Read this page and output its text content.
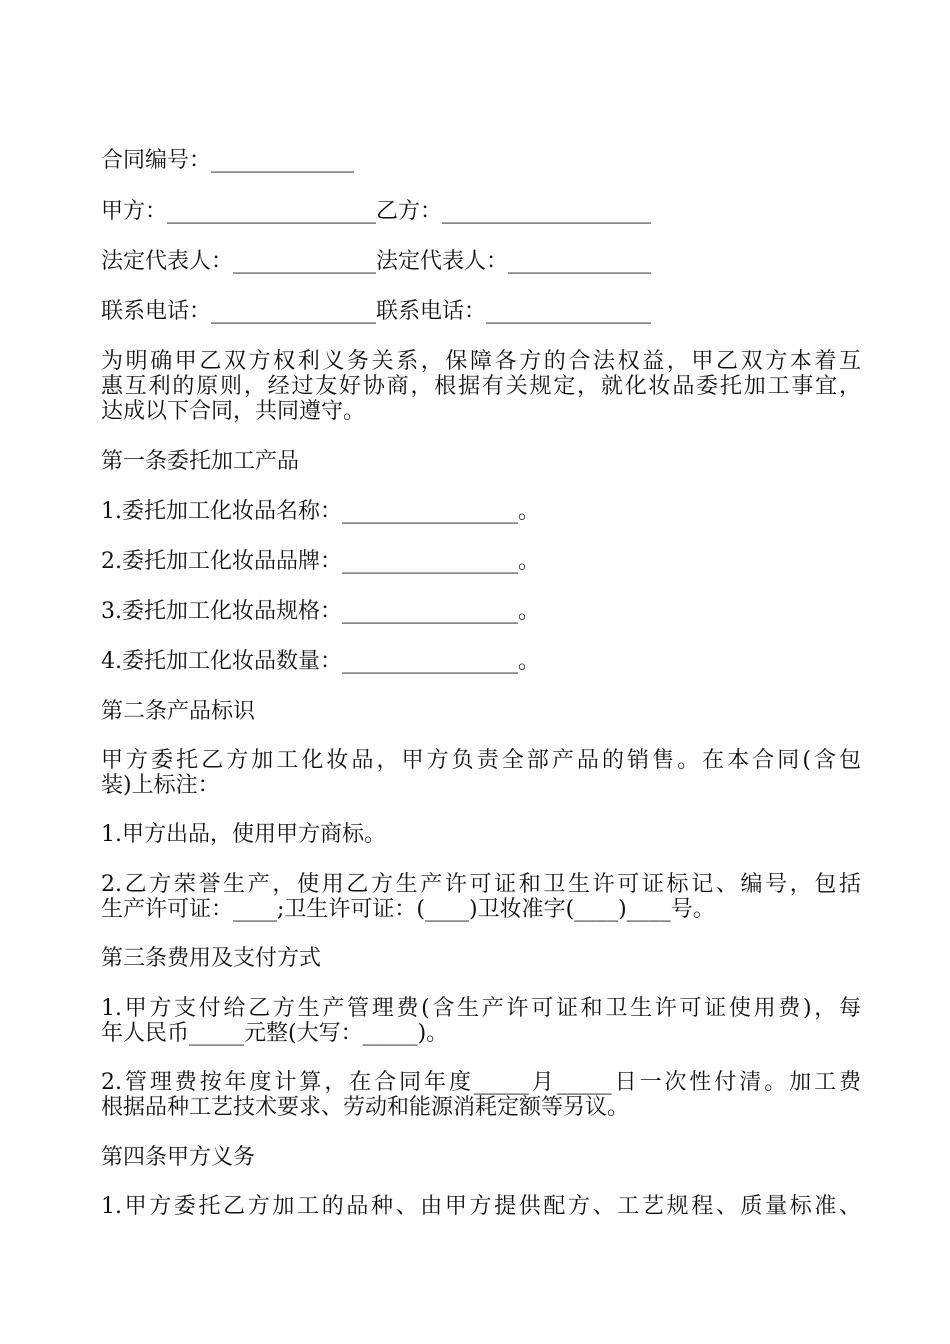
合同编号：_____________
甲方：___________________乙方：___________________
法定代表人：_____________法定代表人：_____________
联系电话：_______________联系电话：_______________
为明确甲乙双方权利义务关系，保障各方的合法权益，甲乙双方本着互
惠互利的原则，经过友好协商，根据有关规定，就化妆品委托加工事宜，
达成以下合同，共同遵守。
第一条委托加工产品
1.委托加工化妆品名称：________________。
2.委托加工化妆品品牌：________________。
3.委托加工化妆品规格：________________。
4.委托加工化妆品数量：________________。
第二条产品标识
甲方委托乙方加工化妆品，甲方负责全部产品的销售。在本合同(含包
装)上标注：
1.甲方出品，使用甲方商标。
2.乙方荣誉生产，使用乙方生产许可证和卫生许可证标记、编号，包括
生产许可证：____;卫生许可证：(____)卫妆准字(____)____号。
第三条费用及支付方式
1.甲方支付给乙方生产管理费(含生产许可证和卫生许可证使用费)，每
年人民币_____元整(大写：_____)。
2.管理费按年度计算，在合同年度_____月_____日一次性付清。加工费
根据品种工艺技术要求、劳动和能源消耗定额等另议。
第四条甲方义务
1.甲方委托乙方加工的品种、由甲方提供配方、工艺规程、质量标准、
